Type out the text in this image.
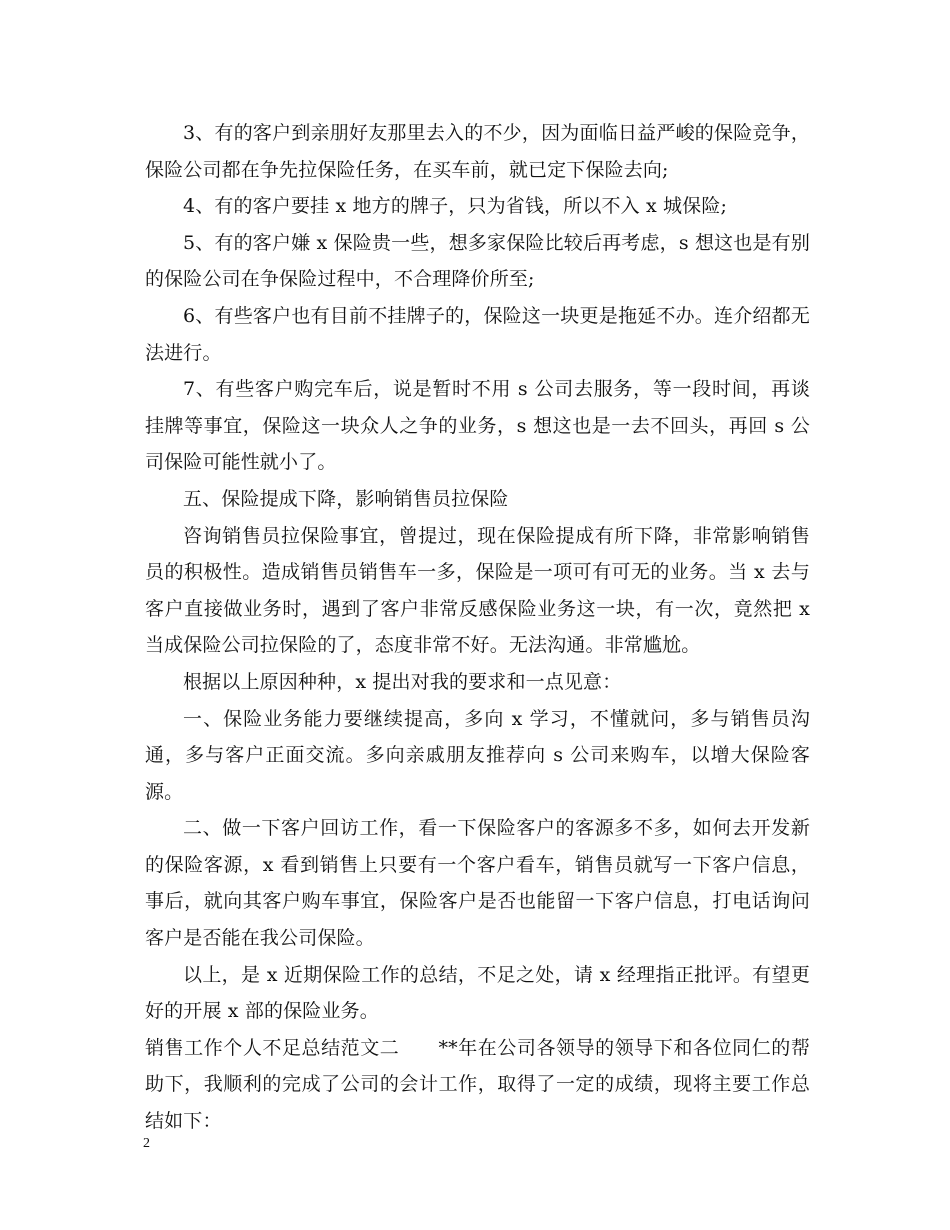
3、有的客户到亲朋好友那里去入的不少，因为面临日益严峻的保险竞争，保险公司都在争先拉保险任务，在买车前，就已定下保险去向;

4、有的客户要挂 x 地方的牌子，只为省钱，所以不入 x 城保险;

5、有的客户嫌 x 保险贵一些，想多家保险比较后再考虑，s 想这也是有别的保险公司在争保险过程中，不合理降价所至;

6、有些客户也有目前不挂牌子的，保险这一块更是拖延不办。连介绍都无法进行。

7、有些客户购完车后，说是暂时不用 s 公司去服务，等一段时间，再谈挂牌等事宜，保险这一块众人之争的业务，s 想这也是一去不回头，再回 s 公司保险可能性就小了。

五、保险提成下降，影响销售员拉保险

咨询销售员拉保险事宜，曾提过，现在保险提成有所下降，非常影响销售员的积极性。造成销售员销售车一多，保险是一项可有可无的业务。当 x 去与客户直接做业务时，遇到了客户非常反感保险业务这一块，有一次，竟然把 x 当成保险公司拉保险的了，态度非常不好。无法沟通。非常尴尬。

根据以上原因种种，x 提出对我的要求和一点见意：

一、保险业务能力要继续提高，多向 x 学习，不懂就问，多与销售员沟通，多与客户正面交流。多向亲戚朋友推荐向 s 公司来购车，以增大保险客源。

二、做一下客户回访工作，看一下保险客户的客源多不多，如何去开发新的保险客源，x 看到销售上只要有一个客户看车，销售员就写一下客户信息，事后，就向其客户购车事宜，保险客户是否也能留一下客户信息，打电话询问客户是否能在我公司保险。

以上，是 x 近期保险工作的总结，不足之处，请 x 经理指正批评。有望更好的开展 x 部的保险业务。

销售工作个人不足总结范文二　　**年在公司各领导的领导下和各位同仁的帮助下，我顺利的完成了公司的会计工作，取得了一定的成绩，现将主要工作总结如下：

2
